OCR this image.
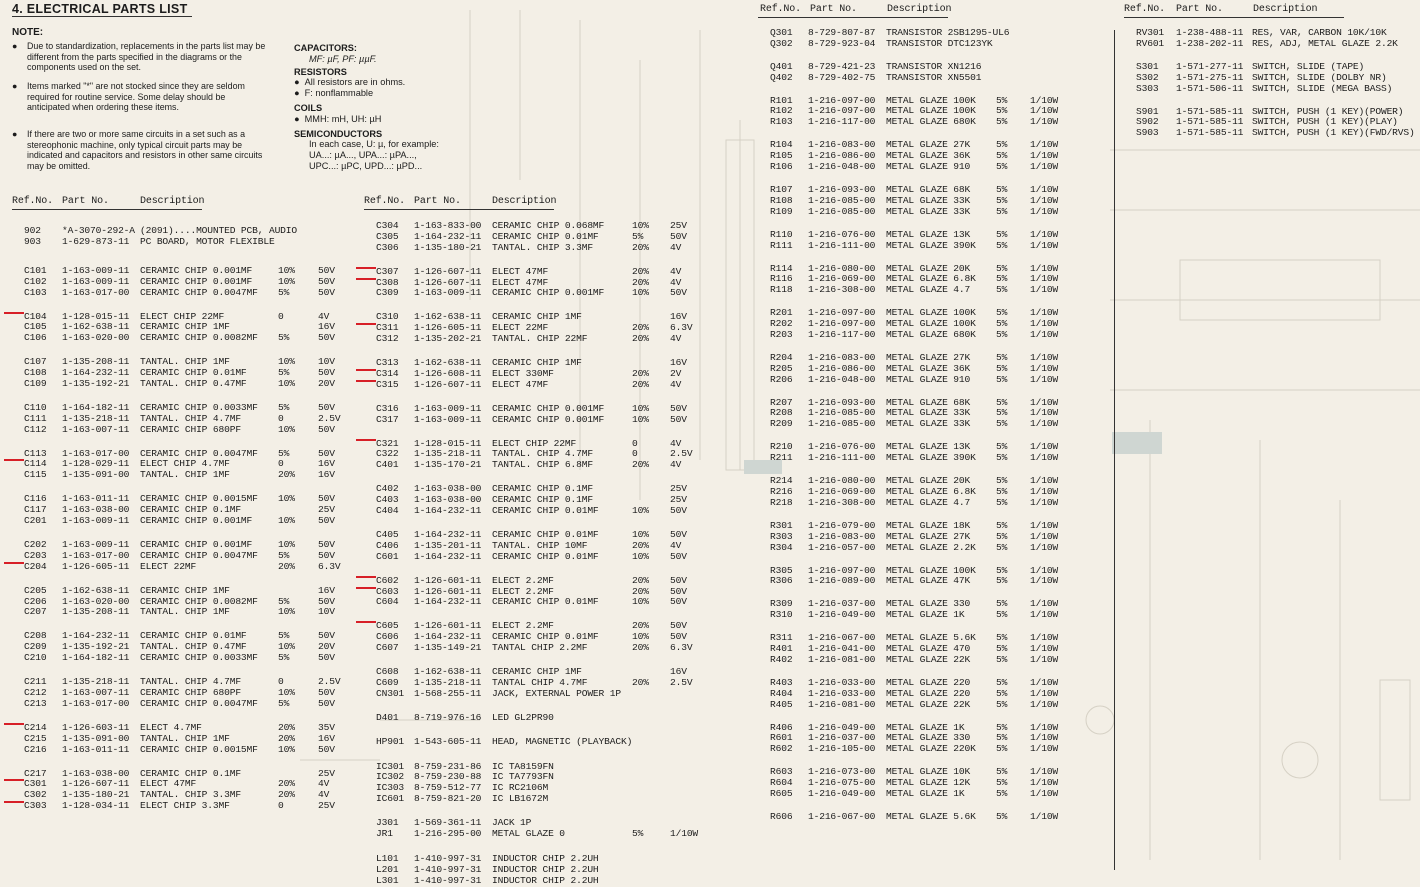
4. ELECTRICAL PARTS LIST
NOTE:
● Due to standardization, replacements in the parts list may be different from the parts specified in the diagrams or the components used on the set.
● Items marked "*" are not stocked since they are seldom required for routine service. Some delay should be anticipated when ordering these items.
● If there are two or more same circuits in a set such as a stereophonic machine, only typical circuit parts may be indicated and capacitors and resistors in other same circuits may be omitted.
CAPACITORS:
MF: µF, PF: µµF.
RESISTORS
●  All resistors are in ohms.
●  F: nonflammable
COILS
●  MMH: mH, UH: µH
SEMICONDUCTORS
In each case, U: µ, for example:
UA...: µA..., UPA...: µPA...,
UPC...: µPC, UPD...: µPD...
Ref.No. Part No.	Description
902 *A-3070-292-A (2091)....MOUNTED PCB, AUDIO
903 1-629-873-11 PC BOARD, MOTOR FLEXIBLE
C101 1-163-009-11 CERAMIC CHIP 0.001MF	10% 50V
C102 1-163-009-11 CERAMIC CHIP 0.001MF	10% 50V
C103 1-163-017-00 CERAMIC CHIP 0.0047MF 5%	50V
C104 1-128-015-11 ELECT CHIP 22MF	0	4V
C105 1-162-638-11 CERAMIC CHIP 1MF	16V
C106 1-163-020-00 CERAMIC CHIP 0.0082MF 5%	50V
C107 1-135-208-11 TANTAL. CHIP 1MF	10% 10V
C108 1-164-232-11 CERAMIC CHIP 0.01MF	5%	50V
C109 1-135-192-21 TANTAL. CHIP 0.47MF	10% 20V
C110 1-164-182-11 CERAMIC CHIP 0.0033MF 5%	50V
C111 1-135-218-11 TANTAL. CHIP 4.7MF	0	2.5V
C112 1-163-007-11 CERAMIC CHIP 680PF	10% 50V
C113 1-163-017-00 CERAMIC CHIP 0.0047MF 5%	50V
C114 1-128-029-11 ELECT CHIP 4.7MF	0	16V
C115 1-135-091-00 TANTAL. CHIP 1MF	20% 16V
C116 1-163-011-11 CERAMIC CHIP 0.0015MF 10% 50V
C117 1-163-038-00 CERAMIC CHIP 0.1MF	25V
C201 1-163-009-11 CERAMIC CHIP 0.001MF	10% 50V
C202 1-163-009-11 CERAMIC CHIP 0.001MF	10% 50V
C203 1-163-017-00 CERAMIC CHIP 0.0047MF 5%	50V
C204 1-126-605-11 ELECT 22MF	20% 6.3V
C205 1-162-638-11 CERAMIC CHIP 1MF	16V
C206 1-163-020-00 CERAMIC CHIP 0.0082MF 5%	50V
C207 1-135-208-11 TANTAL. CHIP 1MF	10% 10V
C208 1-164-232-11 CERAMIC CHIP 0.01MF	5%	50V
C209 1-135-192-21 TANTAL. CHIP 0.47MF	10% 20V
C210 1-164-182-11 CERAMIC CHIP 0.0033MF 5%	50V
C211 1-135-218-11 TANTAL. CHIP 4.7MF	0	2.5V
C212 1-163-007-11 CERAMIC CHIP 680PF	10% 50V
C213 1-163-017-00 CERAMIC CHIP 0.0047MF 5%	50V
C214 1-126-603-11 ELECT 4.7MF	20% 35V
C215 1-135-091-00 TANTAL. CHIP 1MF	20% 16V
C216 1-163-011-11 CERAMIC CHIP 0.0015MF 10% 50V
C217 1-163-038-00 CERAMIC CHIP 0.1MF	25V
C301 1-126-607-11 ELECT 47MF	20% 4V
C302 1-135-180-21 TANTAL. CHIP 3.3MF	20% 4V
C303 1-128-034-11 ELECT CHIP 3.3MF	0	25V
Ref.No. Part No.	Description
C304 1-163-833-00 CERAMIC CHIP 0.068MF	10% 25V
C305 1-164-232-11 CERAMIC CHIP 0.01MF	5%	50V
C306 1-135-180-21 TANTAL. CHIP 3.3MF	20% 4V
C307 1-126-607-11 ELECT 47MF	20% 4V
C308 1-126-607-11 ELECT 47MF	20% 4V
C309 1-163-009-11 CERAMIC CHIP 0.001MF	10% 50V
C310 1-162-638-11 CERAMIC CHIP 1MF	16V
C311 1-126-605-11 ELECT 22MF	20% 6.3V
C312 1-135-202-21 TANTAL. CHIP 22MF	20% 4V
C313 1-162-638-11 CERAMIC CHIP 1MF	16V
C314 1-126-608-11 ELECT 330MF	20% 2V
C315 1-126-607-11 ELECT 47MF	20% 4V
C316 1-163-009-11 CERAMIC CHIP 0.001MF	10% 50V
C317 1-163-009-11 CERAMIC CHIP 0.001MF	10% 50V
C321 1-128-015-11 ELECT CHIP 22MF	0	4V
C322 1-135-218-11 TANTAL. CHIP 4.7MF	0	2.5V
C401 1-135-170-21 TANTAL. CHIP 6.8MF	20% 4V
C402 1-163-038-00 CERAMIC CHIP 0.1MF	25V
C403 1-163-038-00 CERAMIC CHIP 0.1MF	25V
C404 1-164-232-11 CERAMIC CHIP 0.01MF	10% 50V
C405 1-164-232-11 CERAMIC CHIP 0.01MF	10% 50V
C406 1-135-201-11 TANTAL. CHIP 10MF	20% 4V
C601 1-164-232-11 CERAMIC CHIP 0.01MF	10% 50V
C602 1-126-601-11 ELECT 2.2MF	20% 50V
C603 1-126-601-11 ELECT 2.2MF	20% 50V
C604 1-164-232-11 CERAMIC CHIP 0.01MF	10% 50V
C605 1-126-601-11 ELECT 2.2MF	20% 50V
C606 1-164-232-11 CERAMIC CHIP 0.01MF	10% 50V
C607 1-135-149-21 TANTAL CHIP 2.2MF	20% 6.3V
C608 1-162-638-11 CERAMIC CHIP 1MF	16V
C609 1-135-218-11 TANTAL CHIP 4.7MF	20% 2.5V
CN301 1-568-255-11 JACK, EXTERNAL POWER 1P
D401 8-719-976-16 LED GL2PR90
HP901 1-543-605-11 HEAD, MAGNETIC (PLAYBACK)
IC301 8-759-231-86 IC TA8159FN
IC302 8-759-230-88 IC TA7793FN
IC303 8-759-512-77 IC RC2106M
IC601 8-759-821-20 IC LB1672M
J301 1-569-361-11 JACK 1P
JR1 1-216-295-00 METAL GLAZE 0	5%	1/10W
L101 1-410-997-31 INDUCTOR CHIP 2.2UH
L201 1-410-997-31 INDUCTOR CHIP 2.2UH
L301 1-410-997-31 INDUCTOR CHIP 2.2UH
Ref.No. Part No.	Description
Q301 8-729-807-87 TRANSISTOR 2SB1295-UL6
Q302 8-729-923-04 TRANSISTOR DTC123YK
Q401 8-729-421-23 TRANSISTOR XN1216
Q402 8-729-402-75 TRANSISTOR XN5501
R101 1-216-097-00 METAL GLAZE 100K 5% 1/10W
R102 1-216-097-00 METAL GLAZE 100K 5% 1/10W
R103 1-216-117-00 METAL GLAZE 680K 5% 1/10W
R104 1-216-083-00 METAL GLAZE 27K	5% 1/10W
R105 1-216-086-00 METAL GLAZE 36K	5% 1/10W
R106 1-216-048-00 METAL GLAZE 910	5% 1/10W
R107 1-216-093-00 METAL GLAZE 68K	5% 1/10W
R108 1-216-085-00 METAL GLAZE 33K	5% 1/10W
R109 1-216-085-00 METAL GLAZE 33K	5% 1/10W
R110 1-216-076-00 METAL GLAZE 13K	5% 1/10W
R111 1-216-111-00 METAL GLAZE 390K 5% 1/10W
R114 1-216-080-00 METAL GLAZE 20K	5% 1/10W
R116 1-216-069-00 METAL GLAZE 6.8K 5% 1/10W
R118 1-216-308-00 METAL GLAZE 4.7	5% 1/10W
R201 1-216-097-00 METAL GLAZE 100K 5% 1/10W
R202 1-216-097-00 METAL GLAZE 100K 5% 1/10W
R203 1-216-117-00 METAL GLAZE 680K 5% 1/10W
R204 1-216-083-00 METAL GLAZE 27K	5% 1/10W
R205 1-216-086-00 METAL GLAZE 36K	5% 1/10W
R206 1-216-048-00 METAL GLAZE 910	5% 1/10W
R207 1-216-093-00 METAL GLAZE 68K	5% 1/10W
R208 1-216-085-00 METAL GLAZE 33K	5% 1/10W
R209 1-216-085-00 METAL GLAZE 33K	5% 1/10W
R210 1-216-076-00 METAL GLAZE 13K	5% 1/10W
R211 1-216-111-00 METAL GLAZE 390K 5% 1/10W
R214 1-216-080-00 METAL GLAZE 20K	5% 1/10W
R216 1-216-069-00 METAL GLAZE 6.8K 5% 1/10W
R218 1-216-308-00 METAL GLAZE 4.7	5% 1/10W
R301 1-216-079-00 METAL GLAZE 18K	5% 1/10W
R303 1-216-083-00 METAL GLAZE 27K	5% 1/10W
R304 1-216-057-00 METAL GLAZE 2.2K 5% 1/10W
R305 1-216-097-00 METAL GLAZE 100K 5% 1/10W
R306 1-216-089-00 METAL GLAZE 47K	5% 1/10W
R309 1-216-037-00 METAL GLAZE 330	5% 1/10W
R310 1-216-049-00 METAL GLAZE 1K	5% 1/10W
R311 1-216-067-00 METAL GLAZE 5.6K 5% 1/10W
R401 1-216-041-00 METAL GLAZE 470	5% 1/10W
R402 1-216-081-00 METAL GLAZE 22K	5% 1/10W
R403 1-216-033-00 METAL GLAZE 220	5% 1/10W
R404 1-216-033-00 METAL GLAZE 220	5% 1/10W
R405 1-216-081-00 METAL GLAZE 22K	5% 1/10W
R406 1-216-049-00 METAL GLAZE 1K	5% 1/10W
R601 1-216-037-00 METAL GLAZE 330	5% 1/10W
R602 1-216-105-00 METAL GLAZE 220K 5% 1/10W
R603 1-216-073-00 METAL GLAZE 10K	5% 1/10W
R604 1-216-075-00 METAL GLAZE 12K	5% 1/10W
R605 1-216-049-00 METAL GLAZE 1K	5% 1/10W
R606 1-216-067-00 METAL GLAZE 5.6K 5% 1/10W
Ref.No. Part No.	Description
RV301 1-238-488-11 RES, VAR, CARBON 10K/10K
RV601 1-238-202-11 RES, ADJ, METAL GLAZE 2.2K
S301 1-571-277-11 SWITCH, SLIDE (TAPE)
S302 1-571-275-11 SWITCH, SLIDE (DOLBY NR)
S303 1-571-506-11 SWITCH, SLIDE (MEGA BASS)
S901 1-571-585-11 SWITCH, PUSH (1 KEY)(POWER)
S902 1-571-585-11 SWITCH, PUSH (1 KEY)(PLAY)
S903 1-571-585-11 SWITCH, PUSH (1 KEY)(FWD/RVS)
